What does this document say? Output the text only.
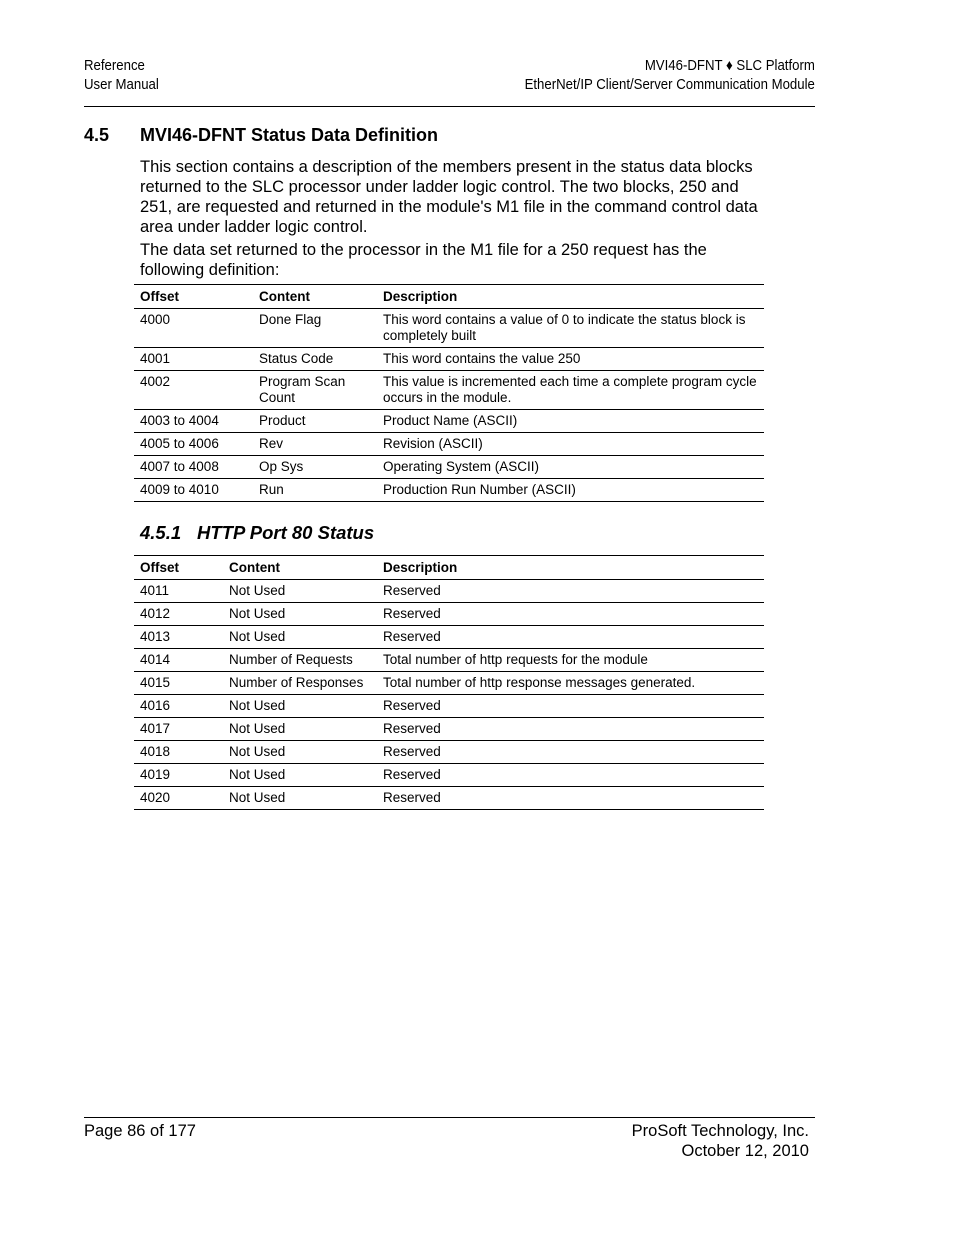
Reference
User Manual
MVI46-DFNT ♦ SLC Platform
EtherNet/IP Client/Server Communication Module
4.5 MVI46-DFNT Status Data Definition
This section contains a description of the members present in the status data blocks returned to the SLC processor under ladder logic control. The two blocks, 250 and 251, are requested and returned in the module's M1 file in the command control data area under ladder logic control.
The data set returned to the processor in the M1 file for a 250 request has the following definition:
Offset	Content	Description
4000	Done Flag	This word contains a value of 0 to indicate the status block is completely built
4001	Status Code	This word contains the value 250
4002	Program Scan Count	This value is incremented each time a complete program cycle occurs in the module.
4003 to 4004	Product	Product Name (ASCII)
4005 to 4006	Rev	Revision (ASCII)
4007 to 4008	Op Sys	Operating System (ASCII)
4009 to 4010	Run	Production Run Number (ASCII)
4.5.1 HTTP Port 80 Status
Offset	Content	Description
4011	Not Used	Reserved
4012	Not Used	Reserved
4013	Not Used	Reserved
4014	Number of Requests	Total number of http requests for the module
4015	Number of Responses	Total number of http response messages generated.
4016	Not Used	Reserved
4017	Not Used	Reserved
4018	Not Used	Reserved
4019	Not Used	Reserved
4020	Not Used	Reserved
Page 86 of 177	ProSoft Technology, Inc.
October 12, 2010
